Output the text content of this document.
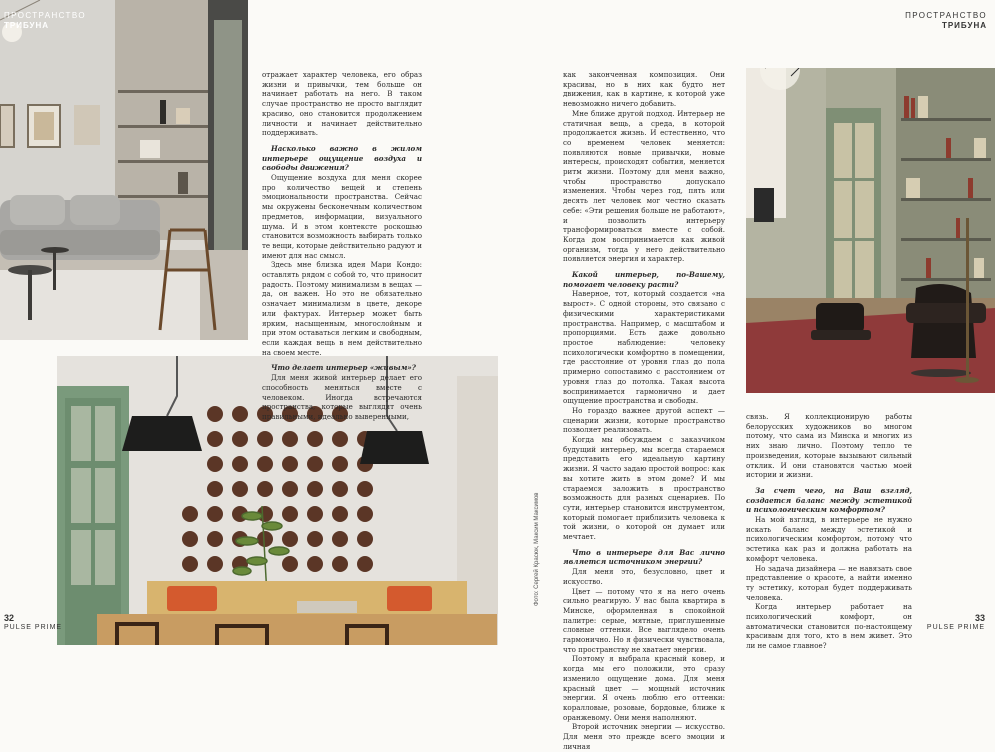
ПРОСТРАНСТВО
ТРИБУНА
32
PULSE PRIME

отражает характер человека, его образ жизни и привычки, тем больше он начинает работать на него. В таком случае пространство не просто выглядит красиво, оно становится продолжением личности и начинает действительно поддерживать.

Насколько важно в жилом интерьере ощущение воздуха и свободы движения?

Ощущение воздуха для меня скорее про количество вещей и степень эмоциональности пространства. Сейчас мы окружены бесконечным количеством предметов, информации, визуального шума. И в этом контексте роскошью становится возможность выбирать только те вещи, которые действительно радуют и имеют для нас смысл.

Здесь мне близка идея Мари Кондо: оставлять рядом с собой то, что приносит радость. Поэтому минимализм в вещах — да, он важен. Но это не обязательно означает минимализм в цвете, декоре или фактурах. Интерьер может быть ярким, насыщенным, многослойным и при этом оставаться легким и свободным, если каждая вещь в нем действительно на своем месте.

Что делает интерьер «живым»?

Для меня живой интерьер делает его способность меняться вместе с человеком. Иногда встречаются пространства, которые выглядят очень правильными, идеально выверенными,

Фото: Сергей Красюк, Максим Максимов

как законченная композиция. Они красивы, но в них как будто нет движения, как в картине, к которой уже невозможно ничего добавить.

Мне ближе другой подход. Интерьер не статичная вещь, а среда, в которой продолжается жизнь. И естественно, что со временем человек меняется: появляются новые привычки, новые интересы, происходят события, меняется ритм жизни. Поэтому для меня важно, чтобы пространство допускало изменения. Чтобы через год, пять или десять лет человек мог честно сказать себе: «Эти решения больше не работают», и позволить интерьеру трансформироваться вместе с собой. Когда дом воспринимается как живой организм, тогда у него действительно появляется энергия и характер.

Какой интерьер, по-Вашему, помогает человеку расти?

Наверное, тот, который создается «на вырост». С одной стороны, это связано с физическими характеристиками пространства. Например, с масштабом и пропорциями. Есть даже довольно простое наблюдение: человеку психологически комфортно в помещении, где расстояние от уровня глаз до пола примерно сопоставимо с расстоянием от уровня глаз до потолка. Такая высота воспринимается гармонично и дает ощущение пространства и свободы.

Но гораздо важнее другой аспект — сценарии жизни, которые пространство позволяет реализовать.

Когда мы обсуждаем с заказчиком будущий интерьер, мы всегда стараемся представить его идеальную картину жизни. Я часто задаю простой вопрос: как вы хотите жить в этом доме? И мы стараемся заложить в пространство возможность для разных сценариев. По сути, интерьер становится инструментом, который помогает приблизить человека к той жизни, о которой он думает или мечтает.

Что в интерьере для Вас лично является источником энергии?

Для меня это, безусловно, цвет и искусство.

Цвет — потому что я на него очень сильно реагирую. У нас была квартира в Минске, оформленная в спокойной палитре: серые, мятные, приглушенные словные оттенки. Все выглядело очень гармонично. Но я физически чувствовала, что пространству не хватает энергии.

Поэтому я выбрала красный ковер, и когда мы его положили, это сразу изменило ощущение дома. Для меня красный цвет — мощный источник энергии. Я очень люблю его оттенки: коралловые, розовые, бордовые, ближе к оранжевому. Они меня наполняют.

Второй источник энергии — искусство. Для меня это прежде всего эмоции и личная

ПРОСТРАНСТВО
ТРИБУНА

связь. Я коллекционирую работы белорусских художников во многом потому, что сама из Минска и многих из них знаю лично. Поэтому тепло те произведения, которые вызывают сильный отклик. И они становятся частью моей истории и жизни.

За счет чего, на Ваш взгляд, создается баланс между эстетикой и психологическим комфортом?

На мой взгляд, в интерьере не нужно искать баланс между эстетикой и психологическим комфортом, потому что эстетика как раз и должна работать на комфорт человека.

Но задача дизайнера — не навязать свое представление о красоте, а найти именно ту эстетику, которая будет поддерживать человека.

Когда интерьер работает на психологический комфорт, он автоматически становится по-настоящему красивым для того, кто в нем живет. Это ли не самое главное?

33
PULSE PRIME
